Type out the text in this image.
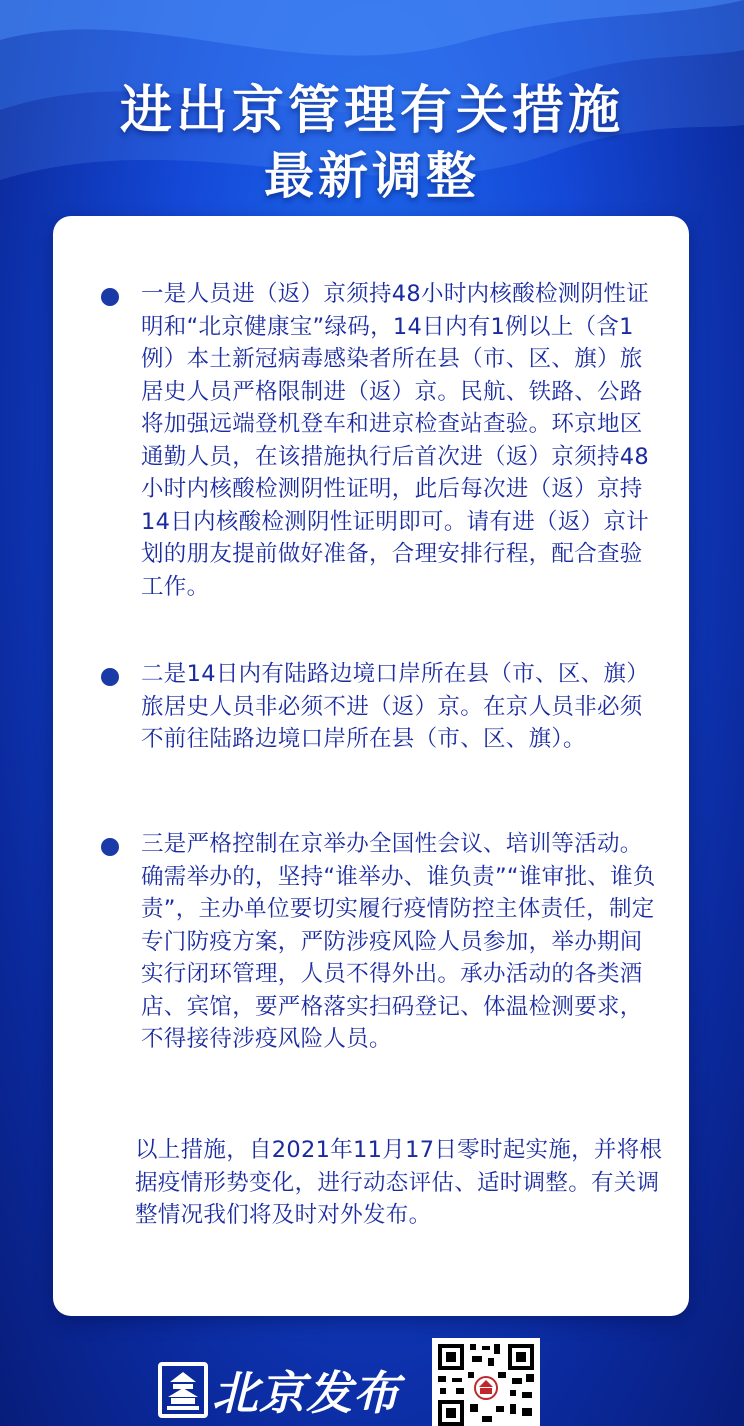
进出京管理有关措施
最新调整
一是人员进（返）京须持48小时内核酸检测阴性证明和“北京健康宝”绿码，14日内有1例以上（含1例）本土新冠病毒感染者所在县（市、区、旗）旅居史人员严格限制进（返）京。民航、铁路、公路将加强远端登机登车和进京检查站查验。环京地区通勤人员，在该措施执行后首次进（返）京须持48小时内核酸检测阴性证明，此后每次进（返）京持14日内核酸检测阴性证明即可。请有进（返）京计划的朋友提前做好准备，合理安排行程，配合查验工作。
二是14日内有陆路边境口岸所在县（市、区、旗）旅居史人员非必须不进（返）京。在京人员非必须不前往陆路边境口岸所在县（市、区、旗）。
三是严格控制在京举办全国性会议、培训等活动。确需举办的，坚持“谁举办、谁负责”“谁审批、谁负责”，主办单位要切实履行疫情防控主体责任，制定专门防疫方案，严防涉疫风险人员参加，举办期间实行闭环管理，人员不得外出。承办活动的各类酒店、宾馆，要严格落实扫码登记、体温检测要求，不得接待涉疫风险人员。
以上措施，自2021年11月17日零时起实施，并将根据疫情形势变化，进行动态评估、适时调整。有关调整情况我们将及时对外发布。
北京发布
